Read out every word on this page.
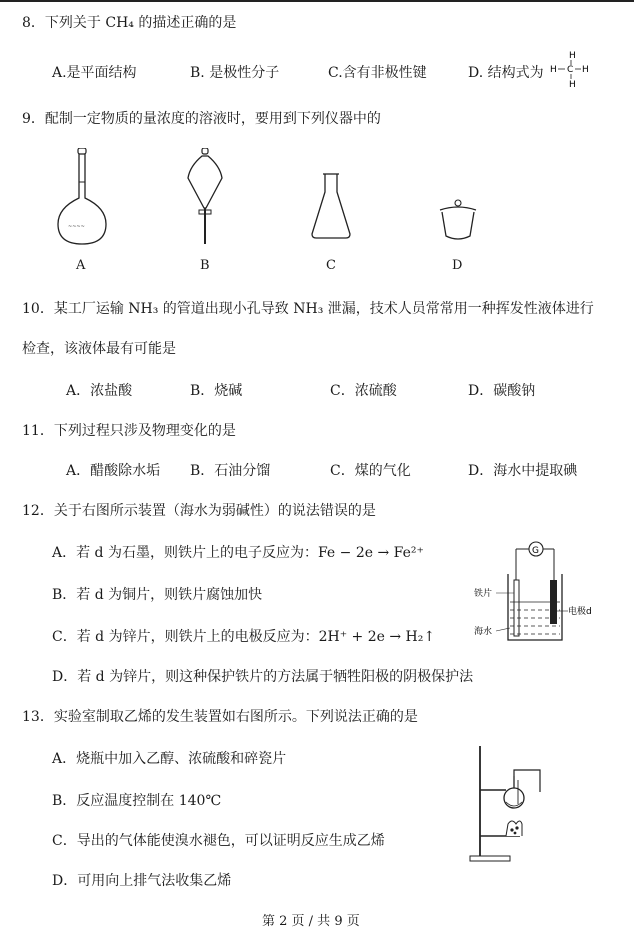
8．下列关于 CH₄ 的描述正确的是
A.是平面结构	B. 是极性分子	C.含有非极性键	D. 结构式为
H
H C H
H
9．配制一定物质的量浓度的溶液时，要用到下列仪器中的
~~~~
A	B	C	D
10．某工厂运输 NH₃ 的管道出现小孔导致 NH₃ 泄漏，技术人员常常用一种挥发性液体进行
检查，该液体最有可能是
A．浓盐酸	B．烧碱	C．浓硫酸	D．碳酸钠
11．下列过程只涉及物理变化的是
A．醋酸除水垢 B．石油分馏	C．煤的气化	D．海水中提取碘
12．关于右图所示装置（海水为弱碱性）的说法错误的是
A．若 d 为石墨，则铁片上的电子反应为：Fe − 2e → Fe²⁺
B．若 d 为铜片，则铁片腐蚀加快
C．若 d 为锌片，则铁片上的电极反应为：2H⁺ + 2e → H₂↑
D．若 d 为锌片，则这种保护铁片的方法属于牺牲阳极的阴极保护法
G
铁片
电极d
海水
13．实验室制取乙烯的发生装置如右图所示。下列说法正确的是
A．烧瓶中加入乙醇、浓硫酸和碎瓷片
B．反应温度控制在 140℃
C．导出的气体能使溴水褪色，可以证明反应生成乙烯
D．可用向上排气法收集乙烯
第 2 页 / 共 9 页
